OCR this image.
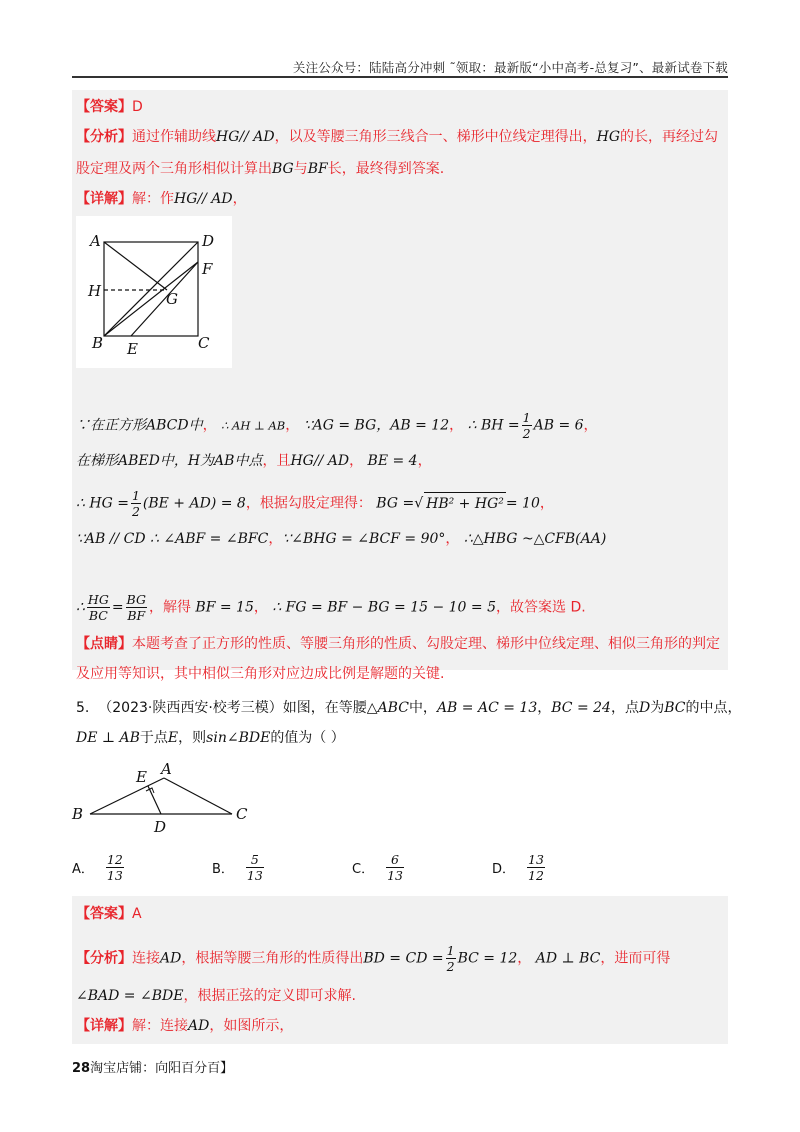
关注公众号：陆陆高分冲刺 ˜领取：最新版“小中高考-总复习”、最新试卷下载
【答案】D
【分析】通过作辅助线HG// AD，以及等腰三角形三线合一、梯形中位线定理得出，HG的长，再经过勾
股定理及两个三角形相似计算出BG与BF长，最终得到答案.
【详解】解：作HG// AD，
A	D
F
H	G
B E	C
∵在正方形ABCD中， ∴ AH ⊥ AB， ∵AG = BG，AB = 12， ∴ BH = $\frac{1}{2}$ AB = 6，
在梯形ABED中，H为AB中点，且HG// AD， BE = 4，
∴ HG = $\frac{1}{2} (BE + AD) = 8$，根据勾股定理得： BG =√ HB² + HG² = 10，
∵AB // CD ∴ ∠ABF = ∠BFC，∵∠BHG = ∠BCF = 90°， ∴△HBG ~△CFB(AA)
∴ $\frac{HG}{BC} = \frac{BG}{BF}$ ，解得 BF = 15， ∴ FG = BF − BG = 15 − 10 = 5，故答案选 D.
【点睛】本题考查了正方形的性质、等腰三角形的性质、勾股定理、梯形中位线定理、相似三角形的判定
及应用等知识，其中相似三角形对应边成比例是解题的关键.
5. （2023·陕西西安·校考三模）如图，在等腰△ABC中，AB = AC = 13，BC = 24，点D为BC的中点，
DE ⊥ AB于点E，则sin∠BDE的值为（ ）
A
E
B
D
C
A． $\frac{12}{13}$	B． $\frac{5}{13}$	C． $\frac{6}{13}$	D． $\frac{13}{12}$
【答案】A
【分析】连接AD，根据等腰三角形的性质得出BD = CD = $\frac{1}{2}$ BC = 12， AD ⊥ BC，进而可得
∠BAD = ∠BDE，根据正弦的定义即可求解.
【详解】解：连接AD，如图所示，
28淘宝店铺：向阳百分百】
